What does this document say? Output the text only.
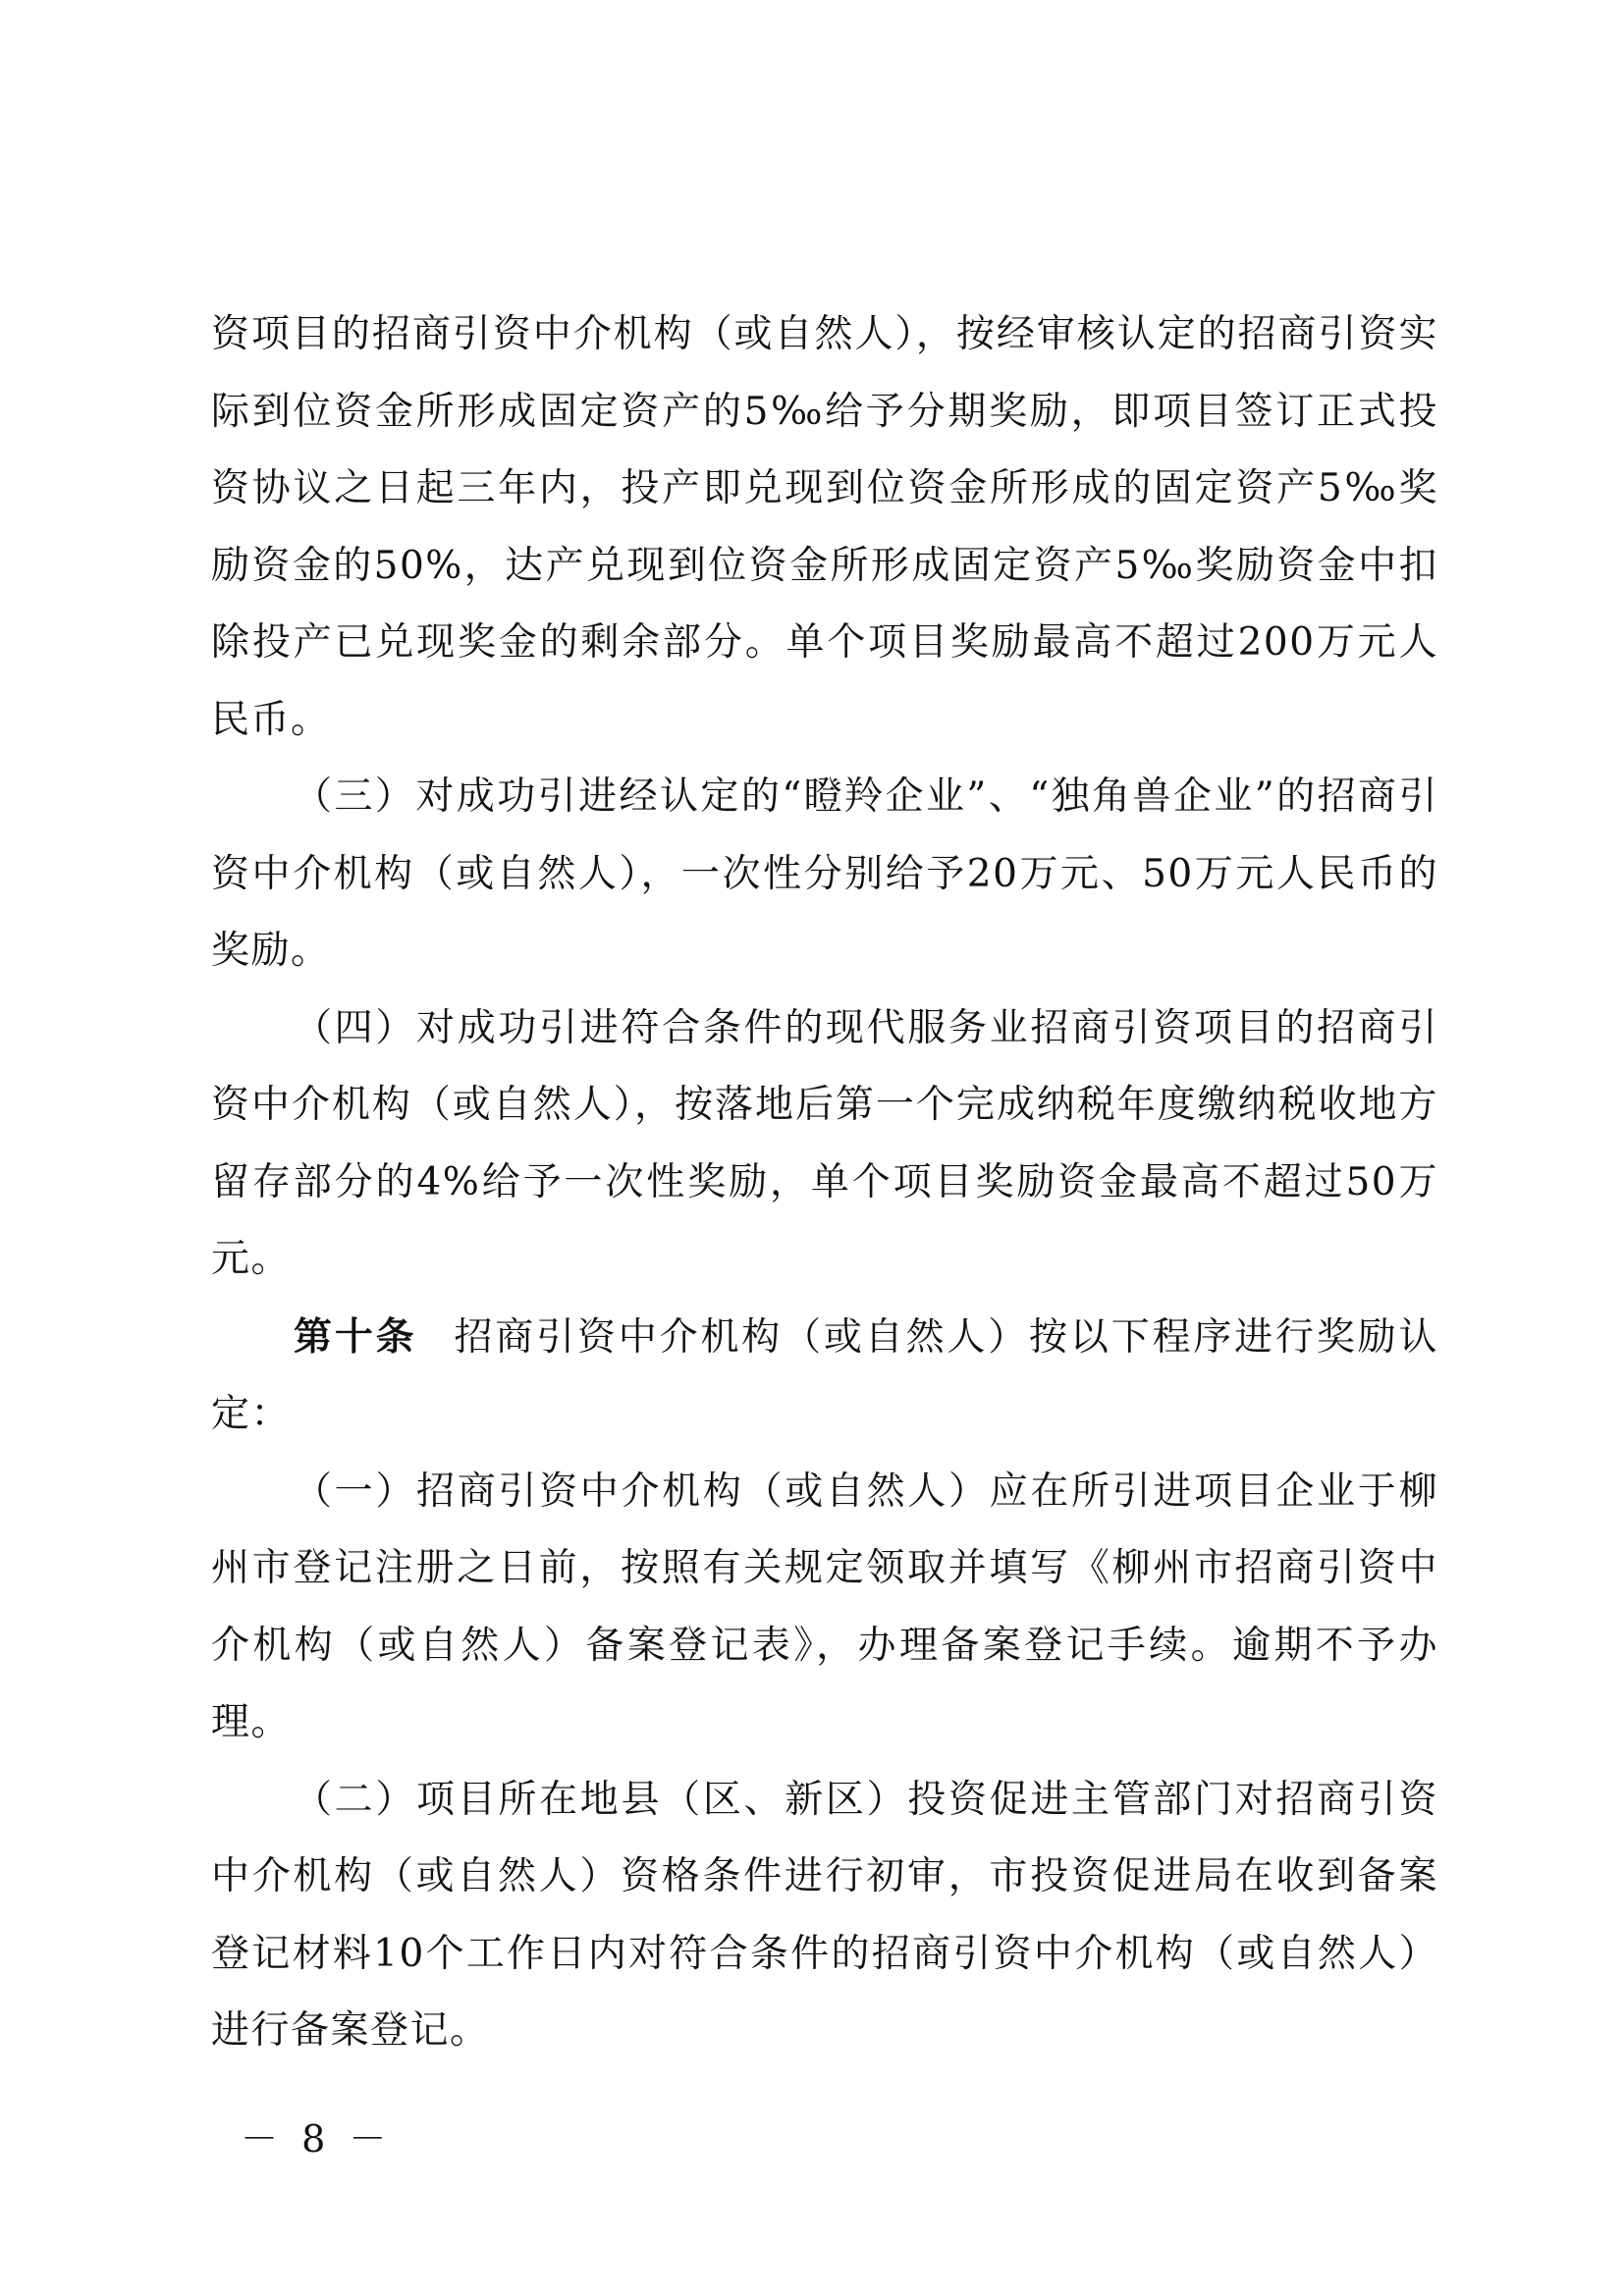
资项目的招商引资中介机构（或自然人），按经审核认定的招商引资实际到位资金所形成固定资产的5‰给予分期奖励，即项目签订正式投资协议之日起三年内，投产即兑现到位资金所形成的固定资产5‰奖励资金的50%，达产兑现到位资金所形成固定资产5‰奖励资金中扣除投产已兑现奖金的剩余部分。单个项目奖励最高不超过200万元人民币。

（三）对成功引进经认定的“瞪羚企业”、“独角兽企业”的招商引资中介机构（或自然人），一次性分别给予20万元、50万元人民币的奖励。

（四）对成功引进符合条件的现代服务业招商引资项目的招商引资中介机构（或自然人），按落地后第一个完成纳税年度缴纳税收地方留存部分的4%给予一次性奖励，单个项目奖励资金最高不超过50万元。

第十条 招商引资中介机构（或自然人）按以下程序进行奖励认定：

（一）招商引资中介机构（或自然人）应在所引进项目企业于柳州市登记注册之日前，按照有关规定领取并填写《柳州市招商引资中介机构（或自然人）备案登记表》，办理备案登记手续。逾期不予办理。

（二）项目所在地县（区、新区）投资促进主管部门对招商引资中介机构（或自然人）资格条件进行初审，市投资促进局在收到备案登记材料10个工作日内对符合条件的招商引资中介机构（或自然人）进行备案登记。

－ 8 －
